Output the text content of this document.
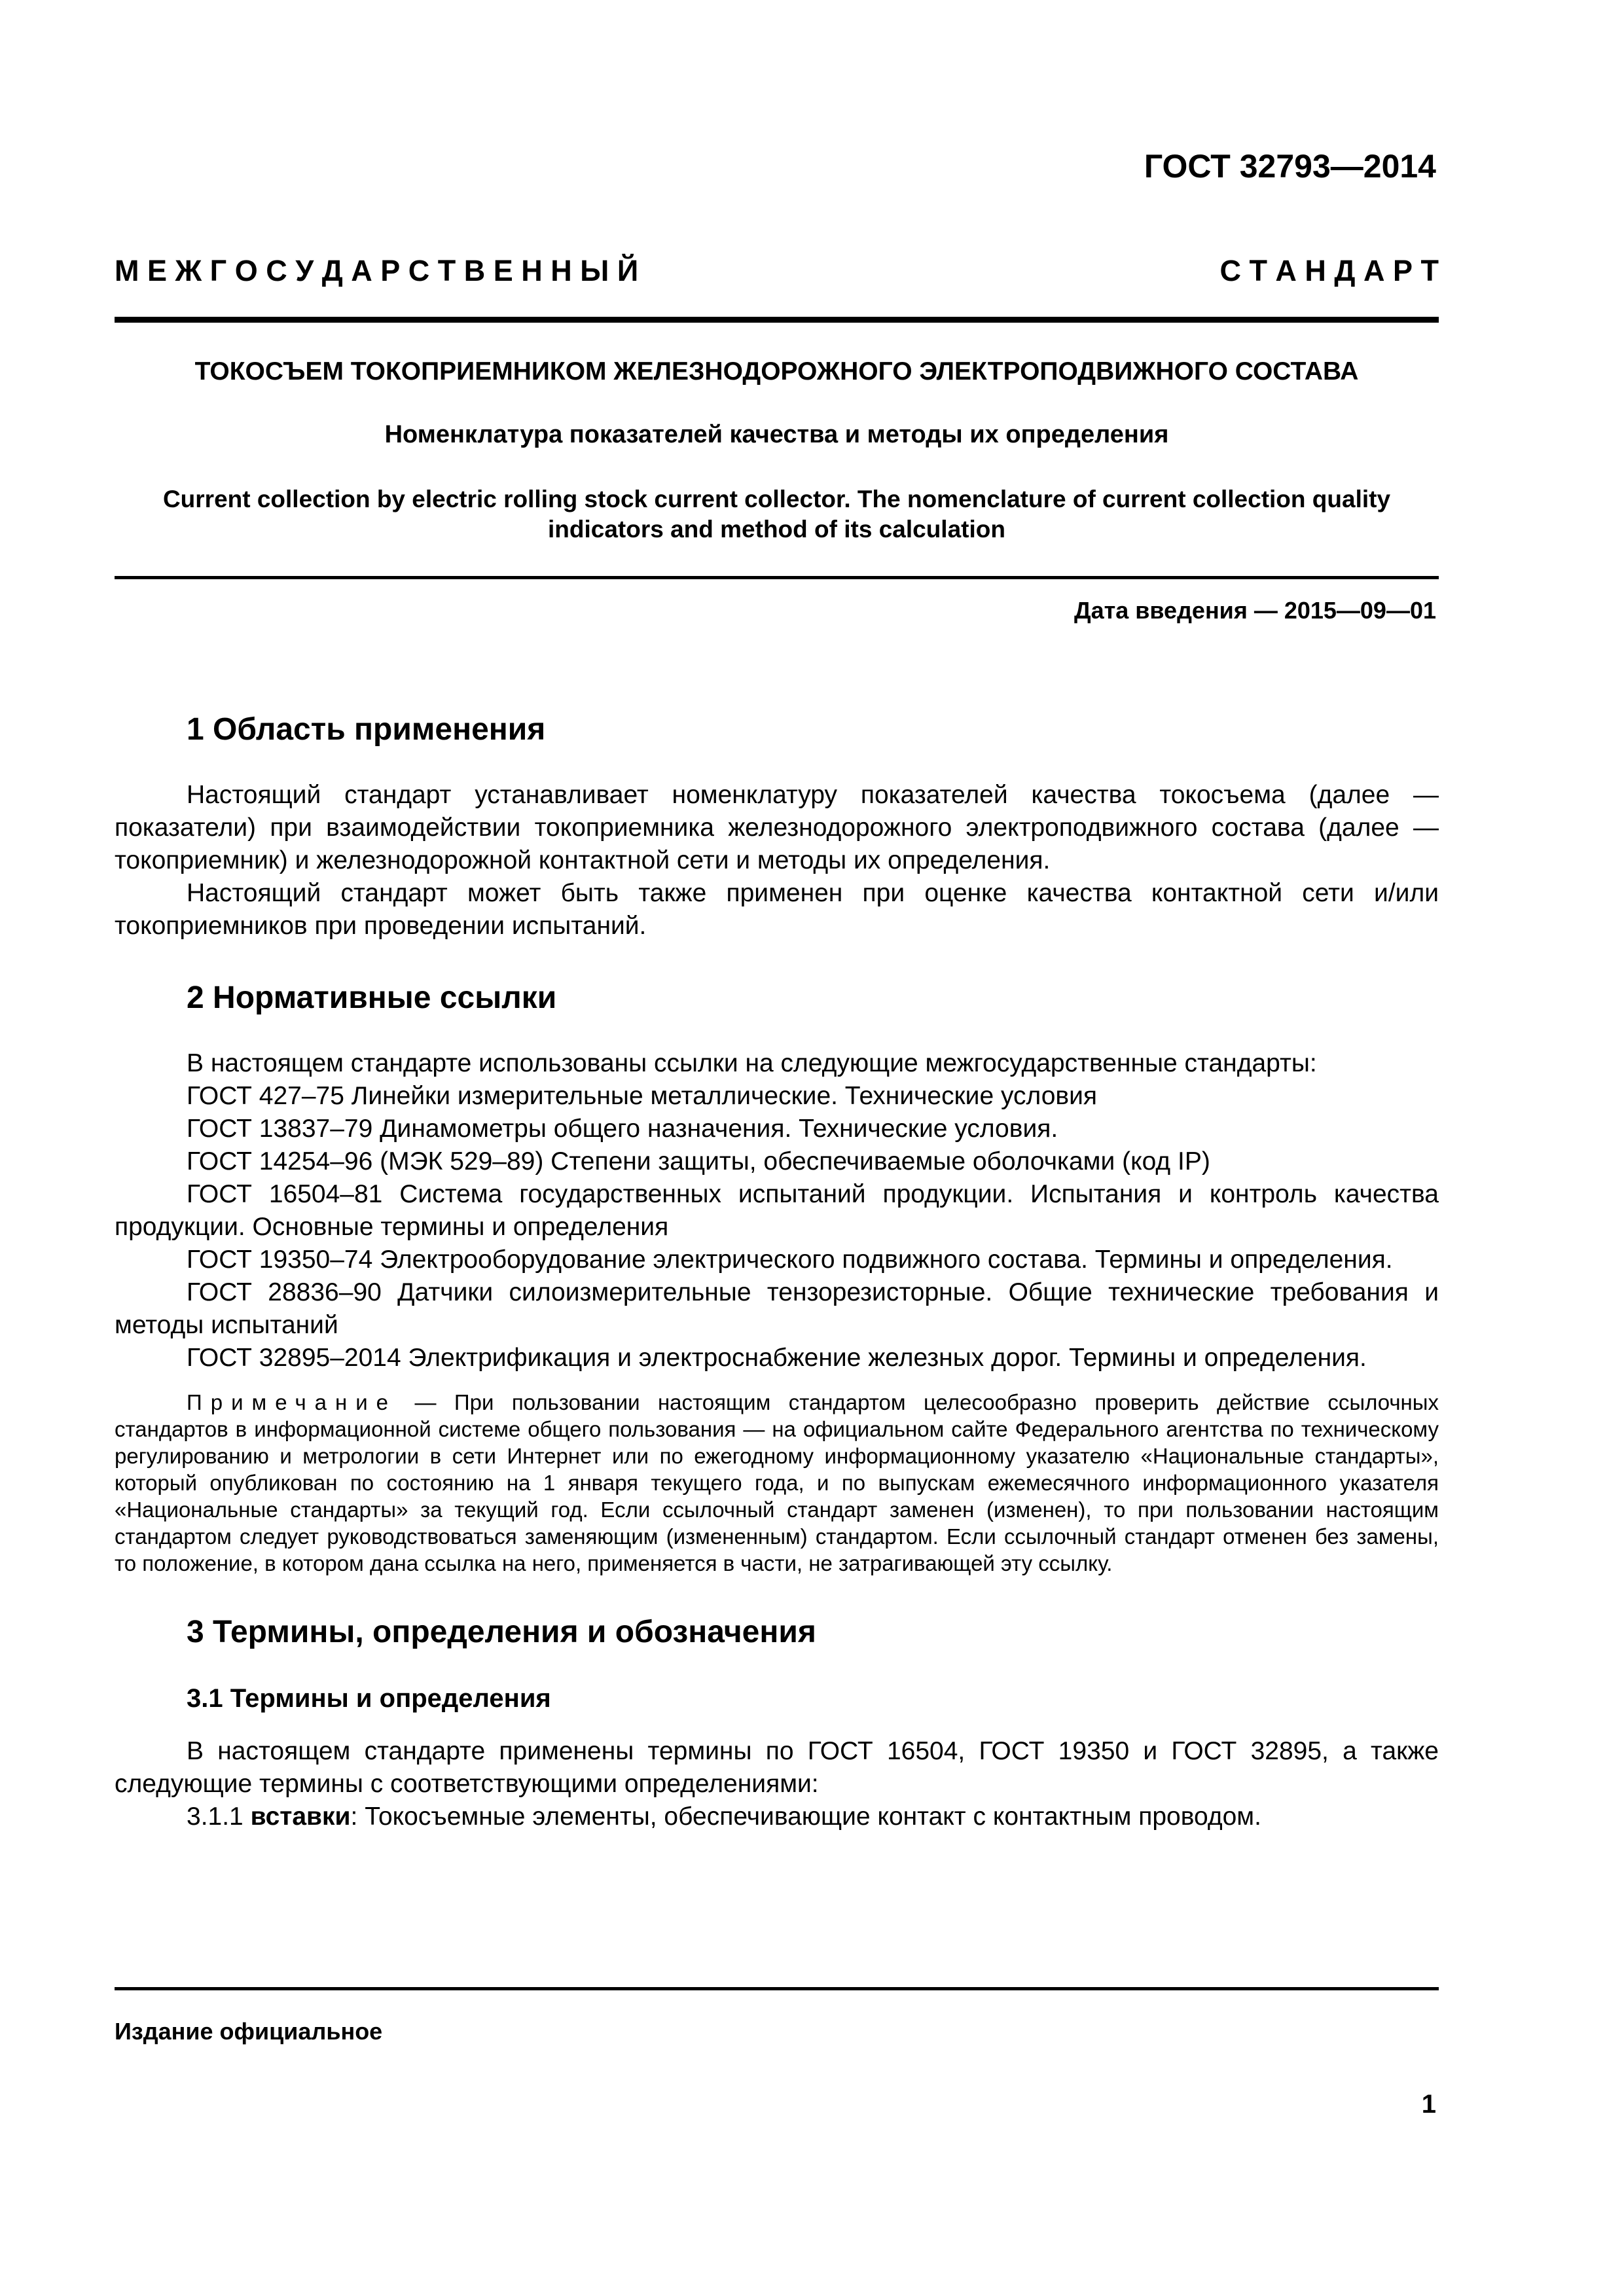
ГОСТ 32793—2014
М Е Ж Г О С У Д А Р С Т В Е Н Н Ы Й	С Т А Н Д А Р Т
ТОКОСЪЕМ ТОКОПРИЕМНИКОМ ЖЕЛЕЗНОДОРОЖНОГО ЭЛЕКТРОПОДВИЖНОГО СОСТАВА
Номенклатура показателей качества и методы их определения
Current collection by electric rolling stock current collector. The nomenclature of current collection quality
indicators and method of its calculation
Дата введения — 2015—09—01
1 Область применения

Настоящий стандарт устанавливает номенклатуру показателей качества токосъема (далее — показатели) при взаимодействии токоприемника железнодорожного электроподвижного состава (далее — токоприемник) и железнодорожной контактной сети и методы их определения.

Настоящий стандарт может быть также применен при оценке качества контактной сети и/или токоприемников при проведении испытаний.

2 Нормативные ссылки

В настоящем стандарте использованы ссылки на следующие межгосударственные стандарты:

ГОСТ 427–75 Линейки измерительные металлические. Технические условия

ГОСТ 13837–79 Динамометры общего назначения. Технические условия.

ГОСТ 14254–96 (МЭК 529–89) Степени защиты, обеспечиваемые оболочками (код IP)

ГОСТ 16504–81 Система государственных испытаний продукции. Испытания и контроль качества продукции. Основные термины и определения

ГОСТ 19350–74 Электрооборудование электрического подвижного состава. Термины и определения.

ГОСТ 28836–90 Датчики силоизмерительные тензорезисторные. Общие технические требования и методы испытаний

ГОСТ 32895–2014 Электрификация и электроснабжение железных дорог. Термины и определения.

Примечание — При пользовании настоящим стандартом целесообразно проверить действие ссылочных стандартов в информационной системе общего пользования — на официальном сайте Федерального агентства по техническому регулированию и метрологии в сети Интернет или по ежегодному информационному указателю «Национальные стандарты», который опубликован по состоянию на 1 января текущего года, и по выпускам ежемесячного информационного указателя «Национальные стандарты» за текущий год. Если ссылочный стандарт заменен (изменен), то при пользовании настоящим стандартом следует руководствоваться заменяющим (измененным) стандартом. Если ссылочный стандарт отменен без замены, то положение, в котором дана ссылка на него, применяется в части, не затрагивающей эту ссылку.

3 Термины, определения и обозначения
3.1 Термины и определения

В настоящем стандарте применены термины по ГОСТ 16504, ГОСТ 19350 и ГОСТ 32895, а также следующие термины с соответствующими определениями:

3.1.1 вставки: Токосъемные элементы, обеспечивающие контакт с контактным проводом.

Издание официальное
1
